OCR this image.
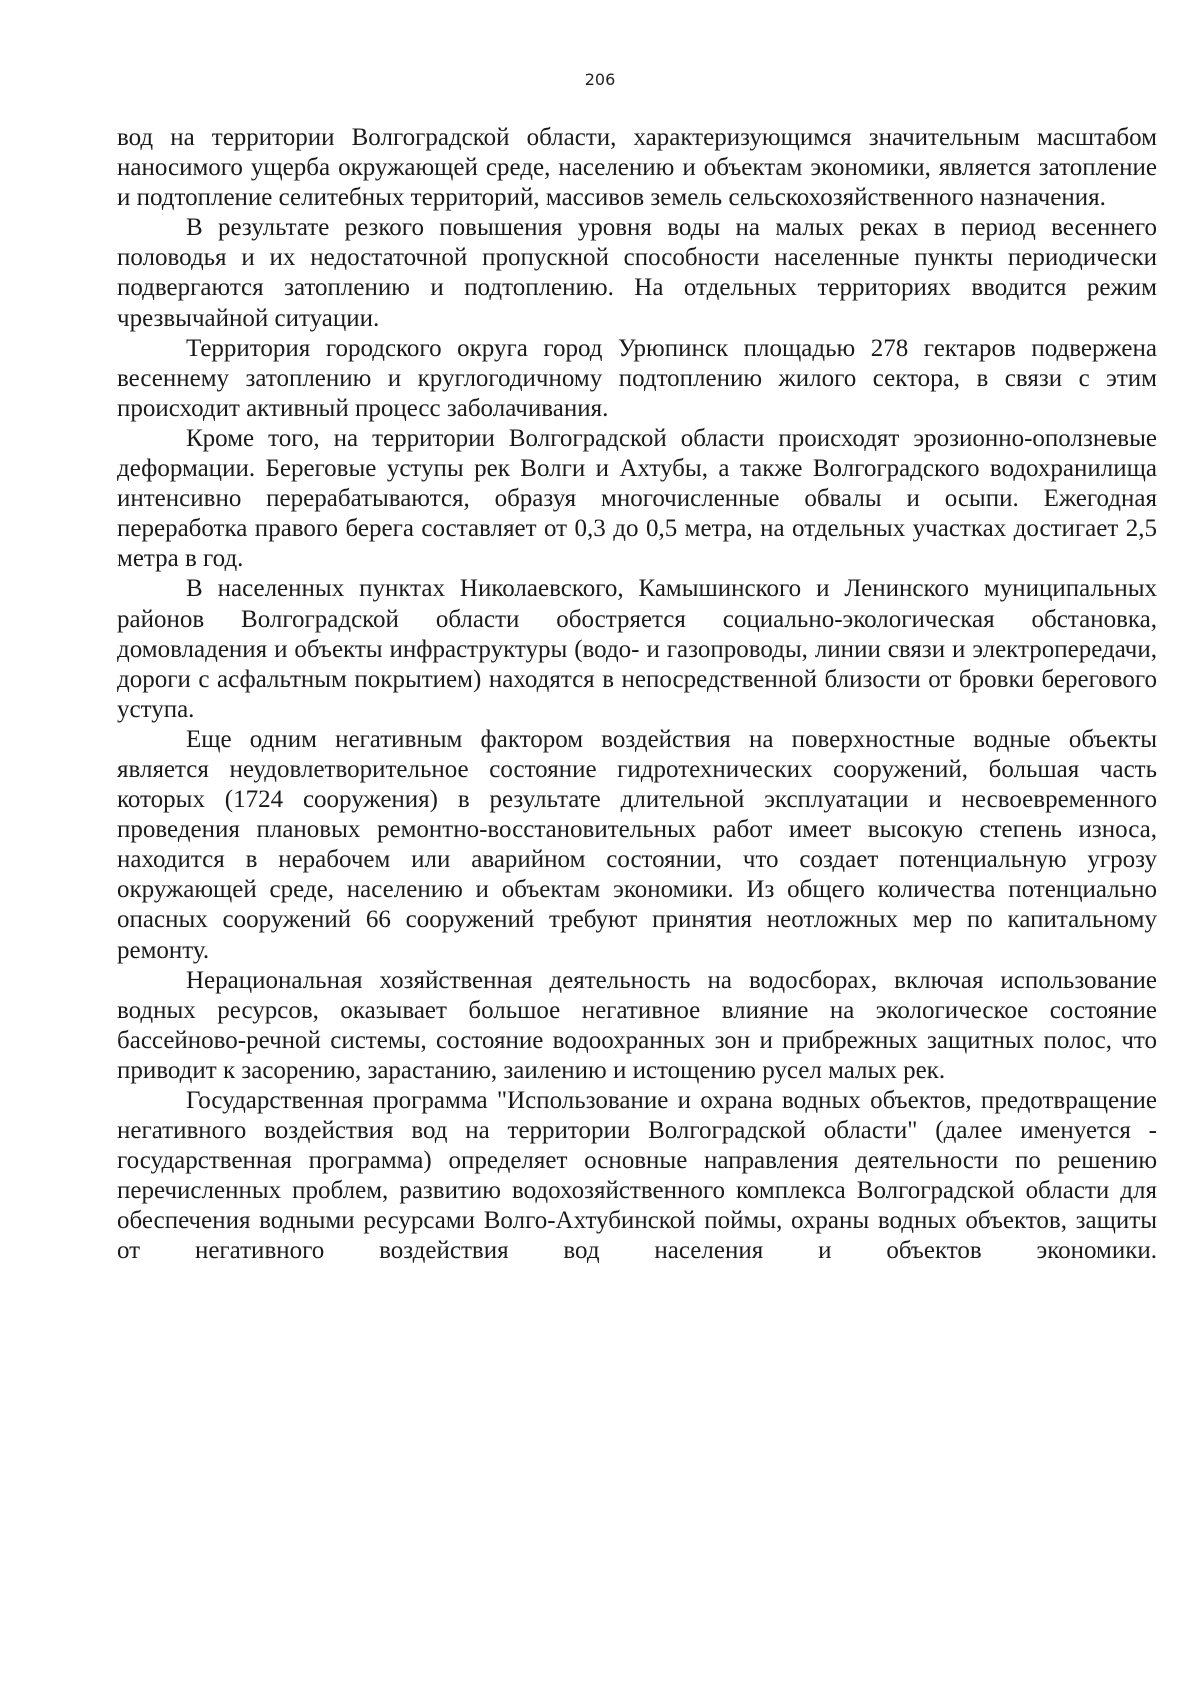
206

вод на территории Волгоградской области, характеризующимся значительным масштабом наносимого ущерба окружающей среде, населению и объектам экономики, является затопление и подтопление селитебных территорий, массивов земель сельскохозяйственного назначения.

В результате резкого повышения уровня воды на малых реках в период весеннего половодья и их недостаточной пропускной способности населенные пункты периодически подвергаются затоплению и подтоплению. На отдельных территориях вводится режим чрезвычайной ситуации.

Территория городского округа город Урюпинск площадью 278 гектаров подвержена весеннему затоплению и круглогодичному подтоплению жилого сектора, в связи с этим происходит активный процесс заболачивания.

Кроме того, на территории Волгоградской области происходят эрозионно-оползневые деформации. Береговые уступы рек Волги и Ахтубы, а также Волгоградского водохранилища интенсивно перерабатываются, образуя многочисленные обвалы и осыпи. Ежегодная переработка правого берега составляет от 0,3 до 0,5 метра, на отдельных участках достигает 2,5 метра в год.

В населенных пунктах Николаевского, Камышинского и Ленинского муниципальных районов Волгоградской области обостряется социально-экологическая обстановка, домовладения и объекты инфраструктуры (водо- и газопроводы, линии связи и электропередачи, дороги с асфальтным покрытием) находятся в непосредственной близости от бровки берегового уступа.

Еще одним негативным фактором воздействия на поверхностные водные объекты является неудовлетворительное состояние гидротехнических сооружений, большая часть которых (1724 сооружения) в результате длительной эксплуатации и несвоевременного проведения плановых ремонтно-восстановительных работ имеет высокую степень износа, находится в нерабочем или аварийном состоянии, что создает потенциальную угрозу окружающей среде, населению и объектам экономики. Из общего количества потенциально опасных сооружений 66 сооружений требуют принятия неотложных мер по капитальному ремонту.

Нерациональная хозяйственная деятельность на водосборах, включая использование водных ресурсов, оказывает большое негативное влияние на экологическое состояние бассейново-речной системы, состояние водоохранных зон и прибрежных защитных полос, что приводит к засорению, зарастанию, заилению и истощению русел малых рек.

Государственная программа "Использование и охрана водных объектов, предотвращение негативного воздействия вод на территории Волгоградской области" (далее именуется - государственная программа) определяет основные направления деятельности по решению перечисленных проблем, развитию водохозяйственного комплекса Волгоградской области для обеспечения водными ресурсами Волго-Ахтубинской поймы, охраны водных объектов, защиты от негативного воздействия вод населения и объектов экономики.
